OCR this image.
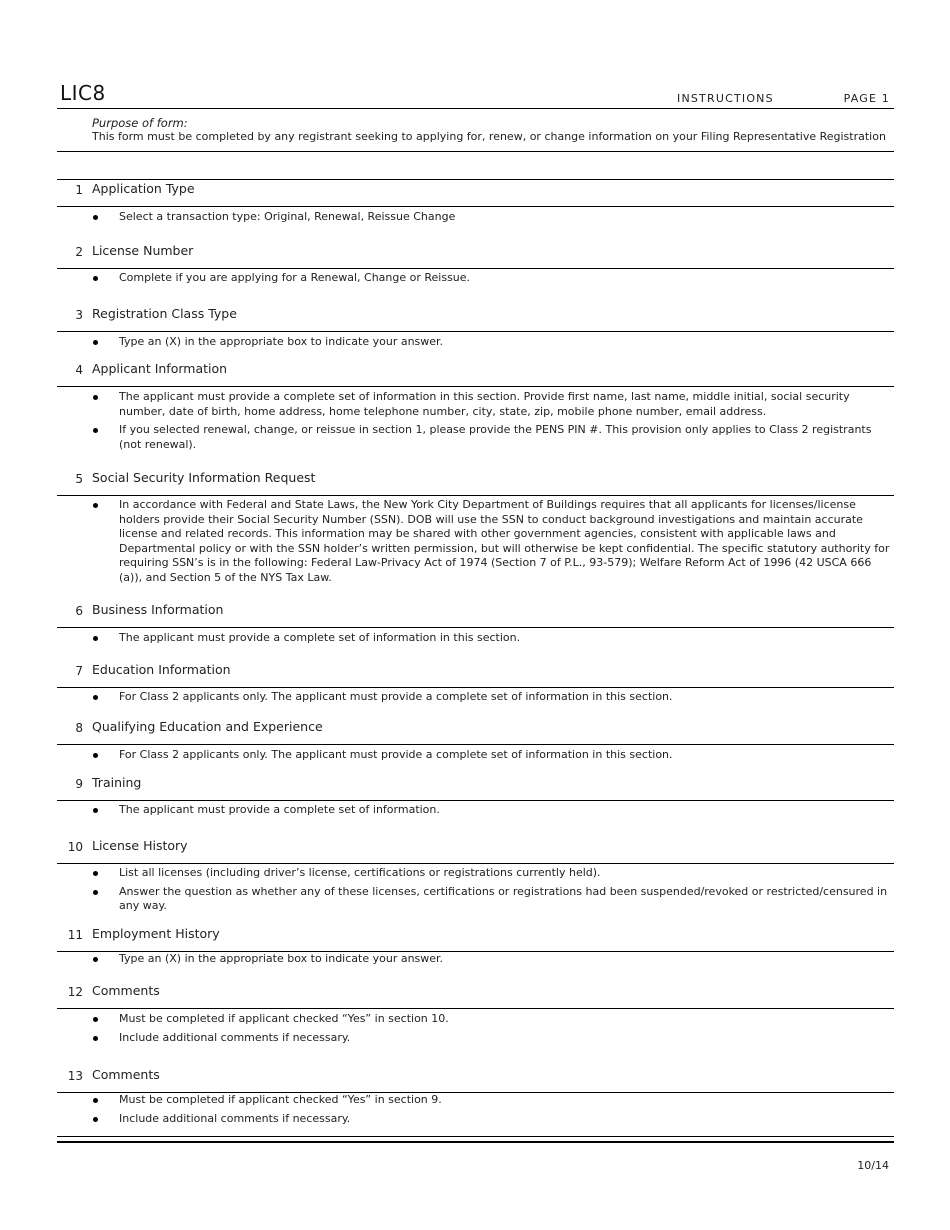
LIC8	INSTRUCTIONS	PAGE 1
Purpose of form:
This form must be completed by any registrant seeking to applying for, renew, or change information on your Filing Representative Registration
1 Application Type
Select a transaction type: Original, Renewal, Reissue Change
2 License Number
Complete if you are applying for a Renewal, Change or Reissue.
3 Registration Class Type
Type an (X) in the appropriate box to indicate your answer.
4 Applicant Information
The applicant must provide a complete set of information in this section. Provide first name, last name, middle initial, social security number, date of birth, home address, home telephone number, city, state, zip, mobile phone number, email address.
If you selected renewal, change, or reissue in section 1, please provide the PENS PIN #. This provision only applies to Class 2 registrants (not renewal).
5 Social Security Information Request
In accordance with Federal and State Laws, the New York City Department of Buildings requires that all applicants for licenses/license holders provide their Social Security Number (SSN). DOB will use the SSN to conduct background investigations and maintain accurate license and related records. This information may be shared with other government agencies, consistent with applicable laws and Departmental policy or with the SSN holder’s written permission, but will otherwise be kept confidential. The specific statutory authority for requiring SSN’s is in the following: Federal Law-Privacy Act of 1974 (Section 7 of P.L., 93-579); Welfare Reform Act of 1996 (42 USCA 666 (a)), and Section 5 of the NYS Tax Law.
6 Business Information
The applicant must provide a complete set of information in this section.
7 Education Information
For Class 2 applicants only. The applicant must provide a complete set of information in this section.
8 Qualifying Education and Experience
For Class 2 applicants only. The applicant must provide a complete set of information in this section.
9 Training
The applicant must provide a complete set of information.
10 License History
List all licenses (including driver’s license, certifications or registrations currently held).
Answer the question as whether any of these licenses, certifications or registrations had been suspended/revoked or restricted/censured in any way.
11 Employment History
Type an (X) in the appropriate box to indicate your answer.
12 Comments
Must be completed if applicant checked “Yes” in section 10.
Include additional comments if necessary.
13 Comments
Must be completed if applicant checked “Yes” in section 9.
Include additional comments if necessary.
10/14
